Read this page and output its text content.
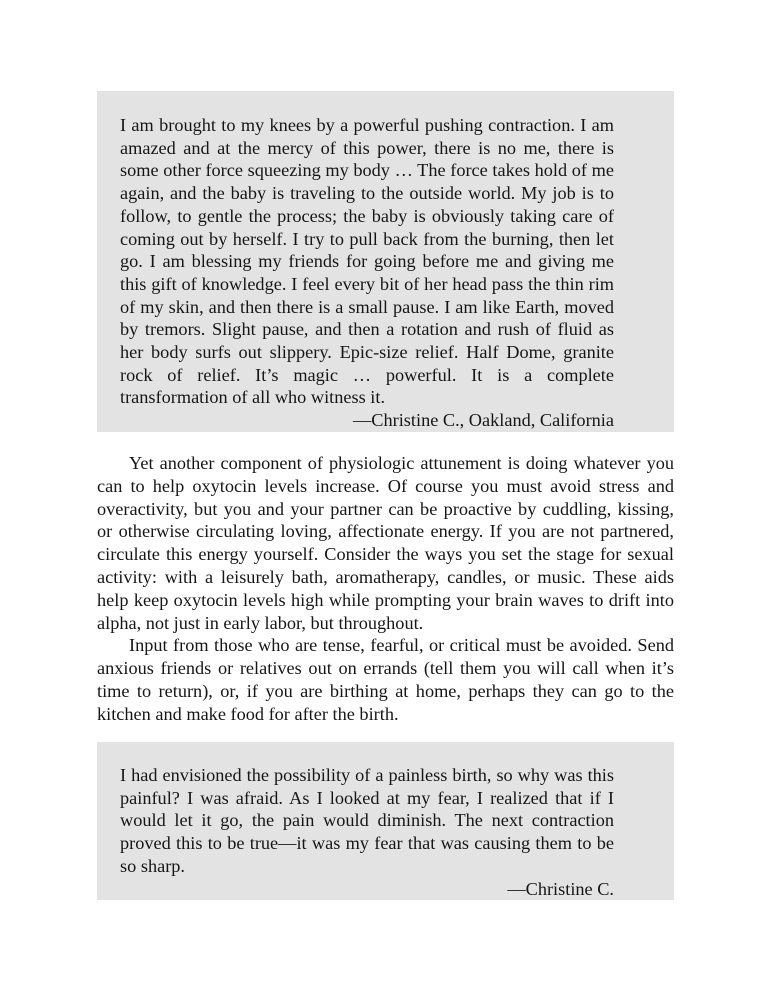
I am brought to my knees by a powerful pushing contraction. I am amazed and at the mercy of this power, there is no me, there is some other force squeezing my body … The force takes hold of me again, and the baby is traveling to the outside world. My job is to follow, to gentle the process; the baby is obviously taking care of coming out by herself. I try to pull back from the burning, then let go. I am blessing my friends for going before me and giving me this gift of knowledge. I feel every bit of her head pass the thin rim of my skin, and then there is a small pause. I am like Earth, moved by tremors. Slight pause, and then a rotation and rush of fluid as her body surfs out slippery. Epic-size relief. Half Dome, granite rock of relief. It’s magic … powerful. It is a complete transformation of all who witness it.

—Christine C., Oakland, California

Yet another component of physiologic attunement is doing whatever you can to help oxytocin levels increase. Of course you must avoid stress and overactivity, but you and your partner can be proactive by cuddling, kissing, or otherwise circulating loving, affectionate energy. If you are not partnered, circulate this energy yourself. Consider the ways you set the stage for sexual activity: with a leisurely bath, aromatherapy, candles, or music. These aids help keep oxytocin levels high while prompting your brain waves to drift into alpha, not just in early labor, but throughout.

Input from those who are tense, fearful, or critical must be avoided. Send anxious friends or relatives out on errands (tell them you will call when it’s time to return), or, if you are birthing at home, perhaps they can go to the kitchen and make food for after the birth.

I had envisioned the possibility of a painless birth, so why was this painful? I was afraid. As I looked at my fear, I realized that if I would let it go, the pain would diminish. The next contraction proved this to be true—it was my fear that was causing them to be so sharp.

—Christine C.
